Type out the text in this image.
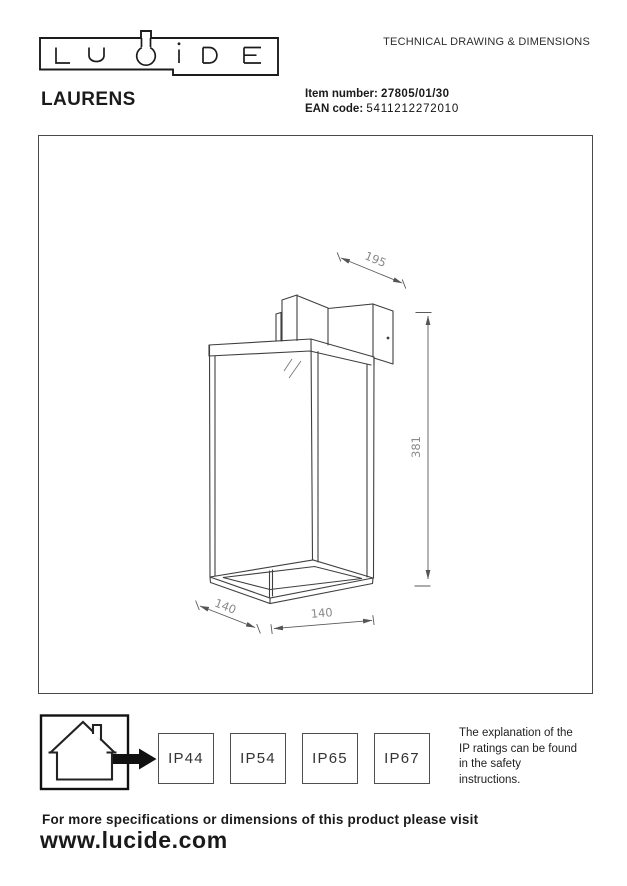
TECHNICAL DRAWING & DIMENSIONS
LAURENS	Item number: 27805/01/30
EAN code: 5411212272010
195
381
140	140
IP44	IP54	IP65	IP67
The explanation of the
IP ratings can be found
in the safety
instructions.
For more specifications or dimensions of this product please visit
www.lucide.com
